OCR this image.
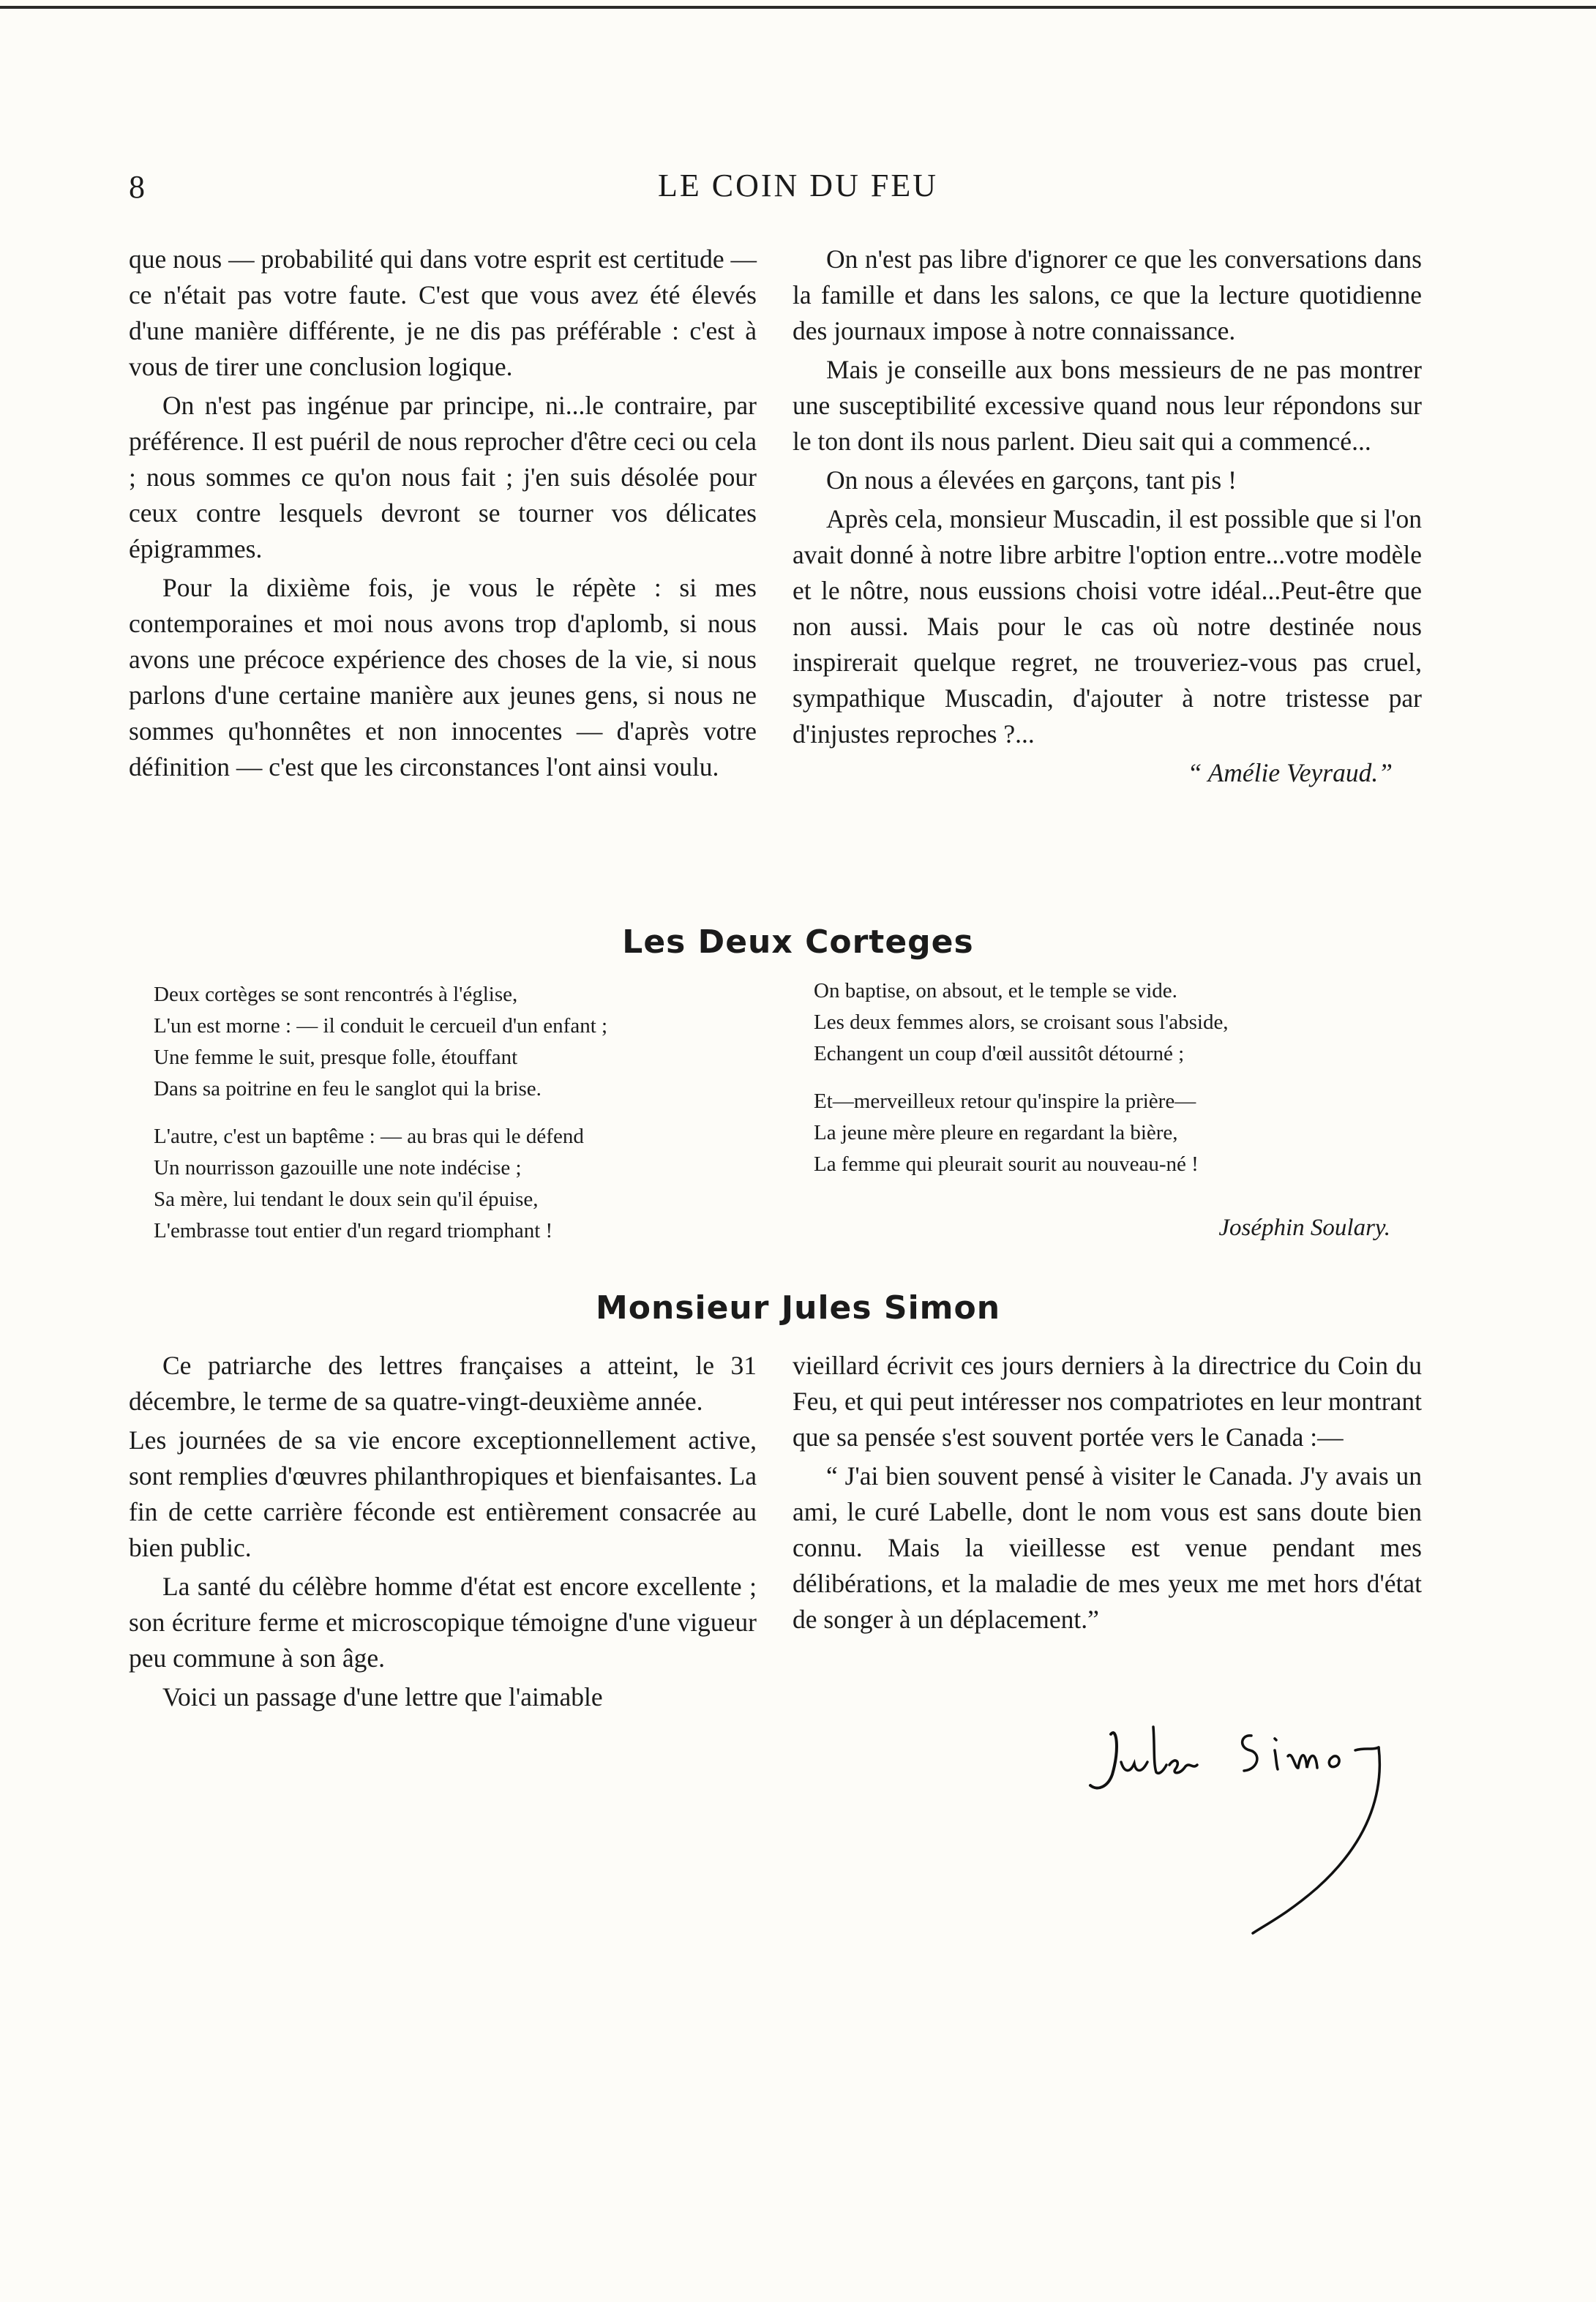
8	LE COIN DU FEU

que nous — probabilité qui dans votre esprit est certitude — ce n'était pas votre faute. C'est que vous avez été élevés d'une manière différente, je ne dis pas préférable : c'est à vous de tirer une conclusion logique.

On n'est pas ingénue par principe, ni...le contraire, par préférence. Il est puéril de nous reprocher d'être ceci ou cela ; nous sommes ce qu'on nous fait ; j'en suis désolée pour ceux contre lesquels devront se tourner vos délicates épigrammes.

Pour la dixième fois, je vous le répète : si mes contemporaines et moi nous avons trop d'aplomb, si nous avons une précoce expérience des choses de la vie, si nous parlons d'une certaine manière aux jeunes gens, si nous ne sommes qu'honnêtes et non innocentes — d'après votre définition — c'est que les circonstances l'ont ainsi voulu.

On n'est pas libre d'ignorer ce que les conversations dans la famille et dans les salons, ce que la lecture quotidienne des journaux impose à notre connaissance.

Mais je conseille aux bons messieurs de ne pas montrer une susceptibilité excessive quand nous leur répondons sur le ton dont ils nous parlent. Dieu sait qui a commencé...

On nous a élevées en garçons, tant pis !

Après cela, monsieur Muscadin, il est possible que si l'on avait donné à notre libre arbitre l'option entre...votre modèle et le nôtre, nous eussions choisi votre idéal...Peut-être que non aussi. Mais pour le cas où notre destinée nous inspirerait quelque regret, ne trouveriez-vous pas cruel, sympathique Muscadin, d'ajouter à notre tristesse par d'injustes reproches ?...

“ Amélie Veyraud.”

Les Deux Corteges
Deux cortèges se sont rencontrés à l'église,
L'un est morne : — il conduit le cercueil d'un enfant ;
Une femme le suit, presque folle, étouffant
Dans sa poitrine en feu le sanglot qui la brise.
L'autre, c'est un baptême : — au bras qui le défend
Un nourrisson gazouille une note indécise ;
Sa mère, lui tendant le doux sein qu'il épuise,
L'embrasse tout entier d'un regard triomphant !
On baptise, on absout, et le temple se vide.
Les deux femmes alors, se croisant sous l'abside,
Echangent un coup d'œil aussitôt détourné ;
Et—merveilleux retour qu'inspire la prière—
La jeune mère pleure en regardant la bière,
La femme qui pleurait sourit au nouveau-né !
Joséphin Soulary.
Monsieur Jules Simon

Ce patriarche des lettres françaises a atteint, le 31 décembre, le terme de sa quatre-vingt-deuxième année.

Les journées de sa vie encore exceptionnellement active, sont remplies d'œuvres philanthropiques et bienfaisantes. La fin de cette carrière féconde est entièrement consacrée au bien public.

La santé du célèbre homme d'état est encore excellente ; son écriture ferme et microscopique témoigne d'une vigueur peu commune à son âge.

Voici un passage d'une lettre que l'aimable

vieillard écrivit ces jours derniers à la directrice du Coin du Feu, et qui peut intéresser nos compatriotes en leur montrant que sa pensée s'est souvent portée vers le Canada :—

“ J'ai bien souvent pensé à visiter le Canada. J'y avais un ami, le curé Labelle, dont le nom vous est sans doute bien connu. Mais la vieillesse est venue pendant mes délibérations, et la maladie de mes yeux me met hors d'état de songer à un déplacement.”

Jules Simon
